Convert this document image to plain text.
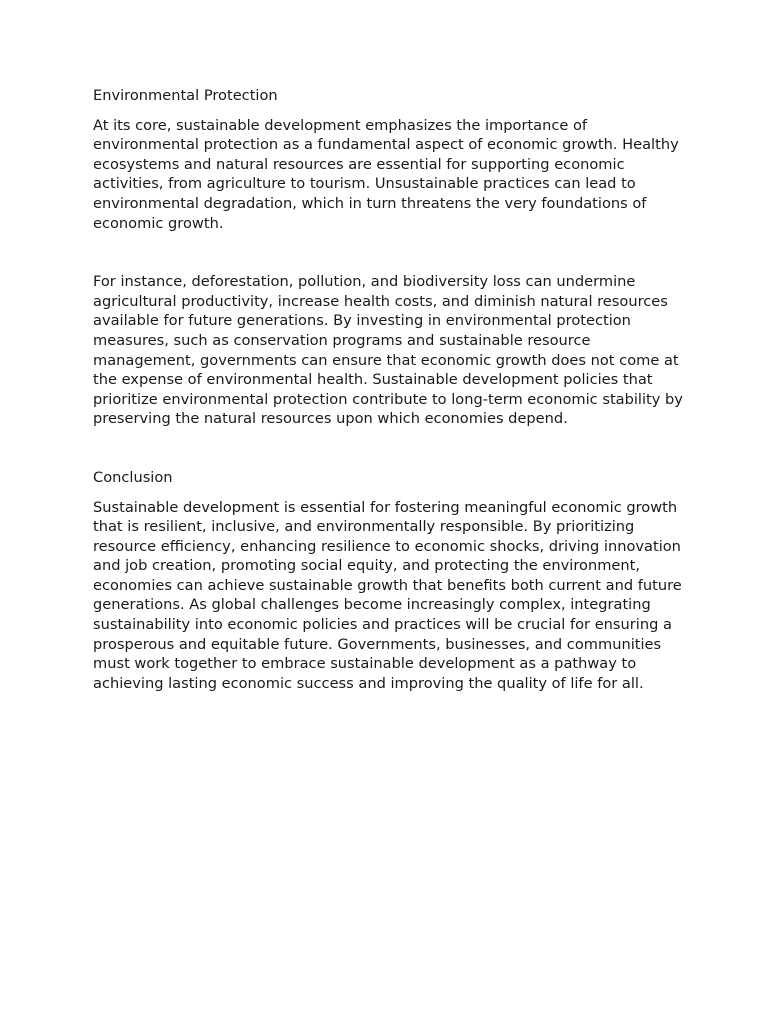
Environmental Protection

At its core, sustainable development emphasizes the importance of environmental protection as a fundamental aspect of economic growth. Healthy ecosystems and natural resources are essential for supporting economic activities, from agriculture to tourism. Unsustainable practices can lead to environmental degradation, which in turn threatens the very foundations of economic growth.

For instance, deforestation, pollution, and biodiversity loss can undermine agricultural productivity, increase health costs, and diminish natural resources available for future generations. By investing in environmental protection measures, such as conservation programs and sustainable resource management, governments can ensure that economic growth does not come at the expense of environmental health. Sustainable development policies that prioritize environmental protection contribute to long-term economic stability by preserving the natural resources upon which economies depend.

Conclusion

Sustainable development is essential for fostering meaningful economic growth that is resilient, inclusive, and environmentally responsible. By prioritizing resource efficiency, enhancing resilience to economic shocks, driving innovation and job creation, promoting social equity, and protecting the environment, economies can achieve sustainable growth that benefits both current and future generations. As global challenges become increasingly complex, integrating sustainability into economic policies and practices will be crucial for ensuring a prosperous and equitable future. Governments, businesses, and communities must work together to embrace sustainable development as a pathway to achieving lasting economic success and improving the quality of life for all.
